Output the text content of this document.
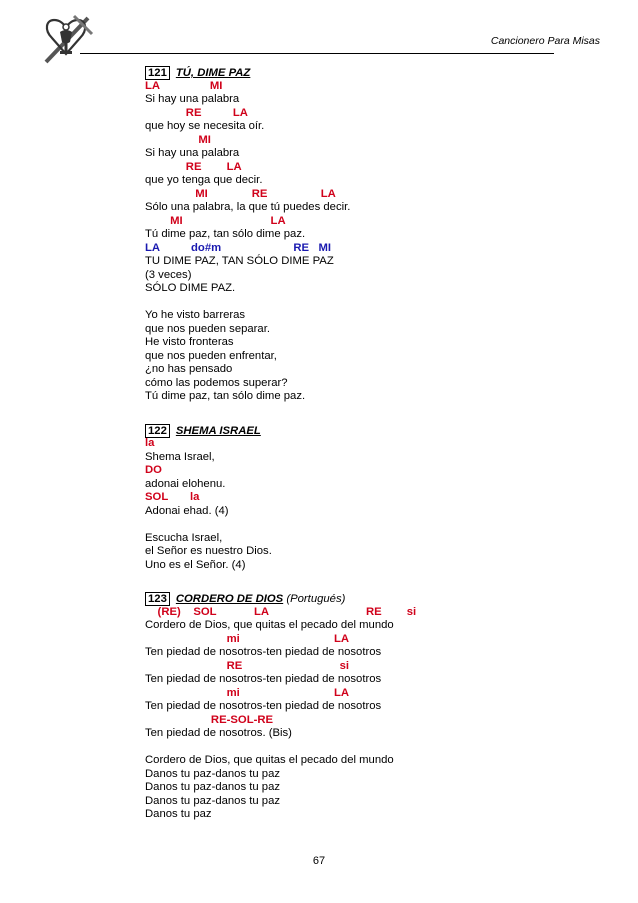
Cancionero Para Misas
121 TÚ, DIME PAZ
LA                MI
Si hay una palabra
RE          LA
que hoy se necesita oír.
MI
Si hay una palabra
RE        LA
que yo tenga que decir.
MI              RE                 LA
Sólo una palabra, la que tú puedes decir.
MI                            LA
Tú dime paz, tan sólo dime paz.
LA          do#m                       RE   MI
TU DIME PAZ, TAN SÓLO DIME PAZ
(3 veces)
SÓLO DIME PAZ.
Yo he visto barreras
que nos pueden separar.
He visto fronteras
que nos pueden enfrentar,
¿no has pensado
cómo las podemos superar?
Tú dime paz, tan sólo dime paz.
122 SHEMA ISRAEL
la
Shema Israel,
DO
adonai elohenu.
SOL       la
Adonai ehad. (4)
Escucha Israel,
el Señor es nuestro Dios.
Uno es el Señor. (4)
123 CORDERO DE DIOS (Portugués)
(RE)    SOL            LA                               RE        si
Cordero de Dios, que quitas el pecado del mundo
mi                              LA
Ten piedad de nosotros-ten piedad de nosotros
RE                               si
Ten piedad de nosotros-ten piedad de nosotros
mi                              LA
Ten piedad de nosotros-ten piedad de nosotros
RE-SOL-RE
Ten piedad de nosotros. (Bis)
Cordero de Dios, que quitas el pecado del mundo
Danos tu paz-danos tu paz
Danos tu paz-danos tu paz
Danos tu paz-danos tu paz
Danos tu paz
67
